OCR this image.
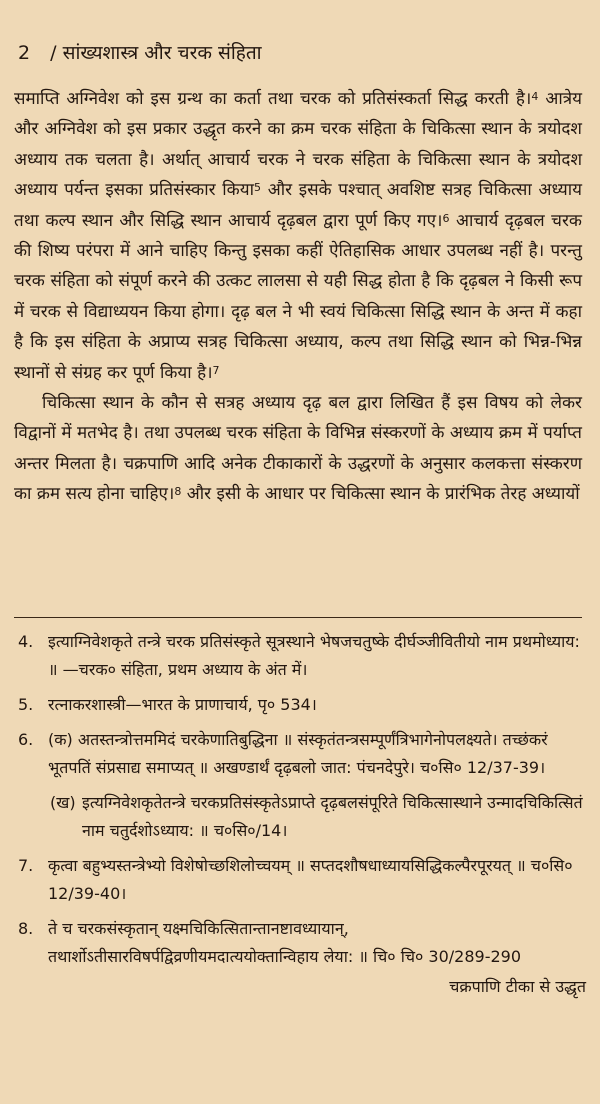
2 / सांख्यशास्त्र और चरक संहिता

समाप्ति अग्निवेश को इस ग्रन्थ का कर्ता तथा चरक को प्रतिसंस्कर्ता सिद्ध करती है।$^4$ आत्रेय और अग्निवेश को इस प्रकार उद्धृत करने का क्रम चरक संहिता के चिकित्सा स्थान के त्रयोदश अध्याय तक चलता है। अर्थात् आचार्य चरक ने चरक संहिता के चिकित्सा स्थान के त्रयोदश अध्याय पर्यन्त इसका प्रतिसंस्कार किया$^5$ और इसके पश्चात् अवशिष्ट सत्रह चिकित्सा अध्याय तथा कल्प स्थान और सिद्धि स्थान आचार्य दृढ़बल द्वारा पूर्ण किए गए।$^6$ आचार्य दृढ़बल चरक की शिष्य परंपरा में आने चाहिए किन्तु इसका कहीं ऐतिहासिक आधार उपलब्ध नहीं है। परन्तु चरक संहिता को संपूर्ण करने की उत्कट लालसा से यही सिद्ध होता है कि दृढ़बल ने किसी रूप में चरक से विद्याध्ययन किया होगा। दृढ़ बल ने भी स्वयं चिकित्सा सिद्धि स्थान के अन्त में कहा है कि इस संहिता के अप्राप्य सत्रह चिकित्सा अध्याय, कल्प तथा सिद्धि स्थान को भिन्न-भिन्न स्थानों से संग्रह कर पूर्ण किया है।$^7$

चिकित्सा स्थान के कौन से सत्रह अध्याय दृढ़ बल द्वारा लिखित हैं इस विषय को लेकर विद्वानों में मतभेद है। तथा उपलब्ध चरक संहिता के विभिन्न संस्करणों के अध्याय क्रम में पर्याप्त अन्तर मिलता है। चक्रपाणि आदि अनेक टीकाकारों के उद्धरणों के अनुसार कलकत्ता संस्करण का क्रम सत्य होना चाहिए।$^8$ और इसी के आधार पर चिकित्सा स्थान के प्रारंभिक तेरह अध्यायों

4. इत्याग्निवेशकृते तन्त्रे चरक प्रतिसंस्कृते सूत्रस्थाने भेषजचतुष्के दीर्घञ्जीवितीयो नाम प्रथमोध्याय: ॥ —चरक० संहिता, प्रथम अध्याय के अंत में।
5. रत्नाकरशास्त्री—भारत के प्राणाचार्य, पृ० 534।
6. (क) अतस्तन्त्रोत्तममिदं चरकेणातिबुद्धिना ॥ संस्कृतंतन्त्रसम्पूर्णंत्रिभागेनोपलक्ष्यते। तच्छंकरं भूतपतिं संप्रसाद्य समाप्यत् ॥ अखण्डार्थं दृढ़बलो जात: पंचनदेपुरे। च०सि० 12/37-39।
(ख) इत्यग्निवेशकृतेतन्त्रे चरकप्रतिसंस्कृतेऽप्राप्ते दृढ़बलसंपूरिते चिकित्सास्थाने उन्मादचिकित्सितं नाम चतुर्दशोऽध्याय: ॥ च०सि०/14।
7. कृत्वा बहुभ्यस्तन्त्रेभ्यो विशेषोच्छशिलोच्चयम् ॥ सप्तदशौषधाध्यायसिद्धिकल्पैरपूरयत् ॥ च०सि० 12/39-40।
8. ते च चरकसंस्कृतान् यक्ष्मचिकित्सितान्तानष्टावध्यायान्, तथार्शोऽतीसारविषर्पद्विव्रणीयमदात्ययोक्तान्विहाय लेया: ॥ चि० चि० 30/289-290
चक्रपाणि टीका से उद्धृत
